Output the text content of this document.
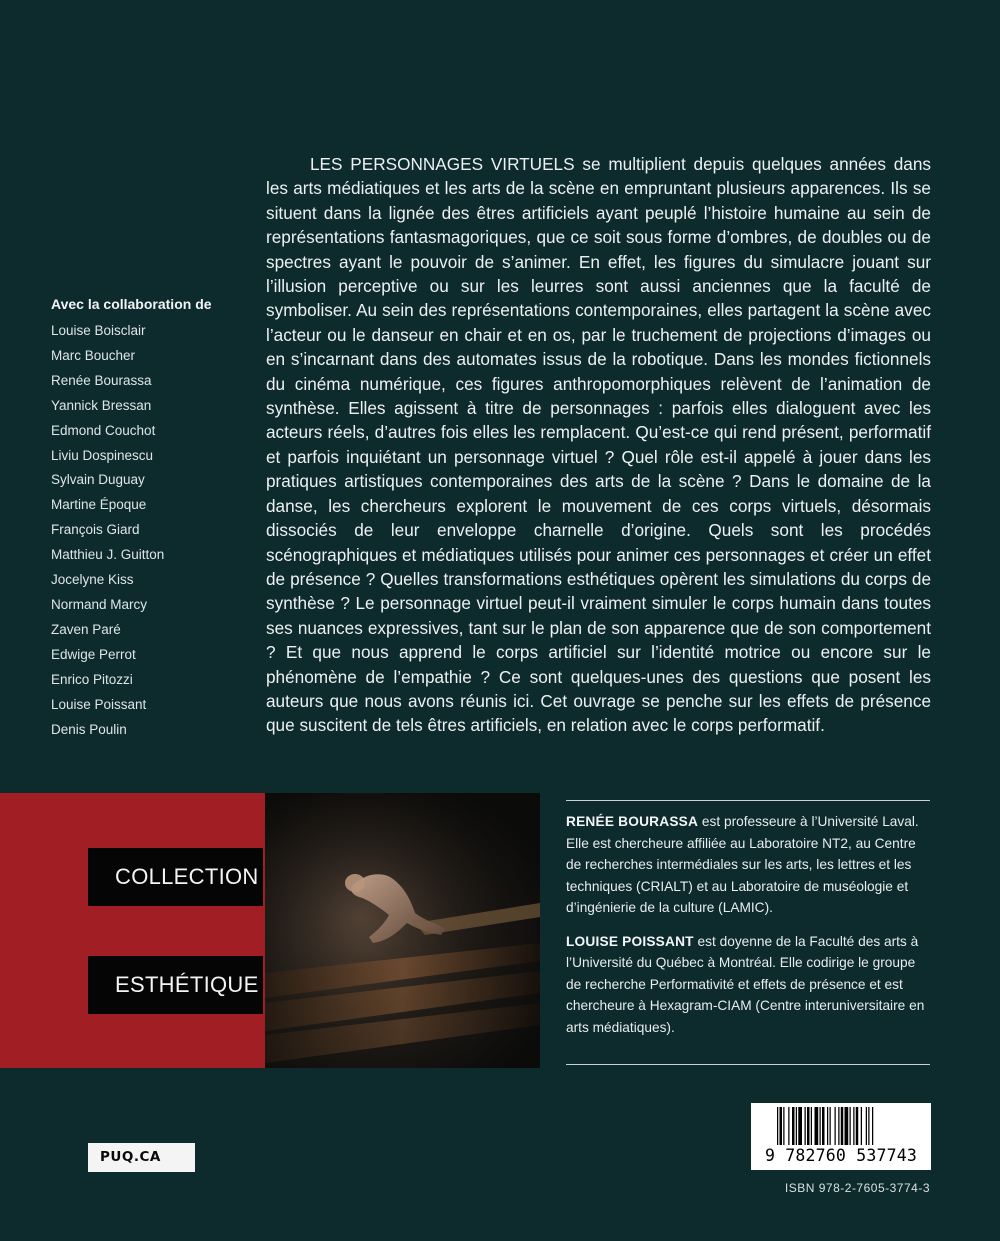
Avec la collaboration de
Louise Boisclair
Marc Boucher
Renée Bourassa
Yannick Bressan
Edmond Couchot
Liviu Dospinescu
Sylvain Duguay
Martine Époque
François Giard
Matthieu J. Guitton
Jocelyne Kiss
Normand Marcy
Zaven Paré
Edwige Perrot
Enrico Pitozzi
Louise Poissant
Denis Poulin

LES PERSONNAGES VIRTUELS se multiplient depuis quelques années dans les arts médiatiques et les arts de la scène en empruntant plusieurs apparences. Ils se situent dans la lignée des êtres artificiels ayant peuplé l’histoire humaine au sein de représentations fantasmagoriques, que ce soit sous forme d’ombres, de doubles ou de spectres ayant le pouvoir de s’animer. En effet, les figures du simulacre jouant sur l’illusion perceptive ou sur les leurres sont aussi anciennes que la faculté de symboliser. Au sein des représentations contemporaines, elles partagent la scène avec l’acteur ou le danseur en chair et en os, par le truchement de projections d’images ou en s’incarnant dans des automates issus de la robotique. Dans les mondes fictionnels du cinéma numérique, ces figures anthropomorphiques relèvent de l’animation de synthèse. Elles agissent à titre de personnages : parfois elles dialoguent avec les acteurs réels, d’autres fois elles les remplacent. Qu’est-ce qui rend présent, performatif et parfois inquiétant un personnage virtuel ? Quel rôle est-il appelé à jouer dans les pratiques artistiques contemporaines des arts de la scène ? Dans le domaine de la danse, les chercheurs explorent le mouvement de ces corps virtuels, désormais dissociés de leur enveloppe charnelle d’origine. Quels sont les procédés scénographiques et médiatiques utilisés pour animer ces personnages et créer un effet de présence ? Quelles transformations esthétiques opèrent les simulations du corps de synthèse ? Le personnage virtuel peut-il vraiment simuler le corps humain dans toutes ses nuances expressives, tant sur le plan de son apparence que de son comportement ? Et que nous apprend le corps artificiel sur l’identité motrice ou encore sur le phénomène de l’empathie ? Ce sont quelques-unes des questions que posent les auteurs que nous avons réunis ici. Cet ouvrage se penche sur les effets de présence que suscitent de tels êtres artificiels, en relation avec le corps performatif.

COLLECTION
ESTHÉTIQUE

RENÉE BOURASSA est professeure à l’Université Laval. Elle est chercheure affiliée au Laboratoire NT2, au Centre de recherches intermédiales sur les arts, les lettres et les techniques (CRIALT) et au Laboratoire de muséologie et d’ingénierie de la culture (LAMIC).

LOUISE POISSANT est doyenne de la Faculté des arts à l’Université du Québec à Montréal. Elle codirige le groupe de recherche Performativité et effets de présence et est chercheure à Hexagram-CIAM (Centre interuniversitaire en arts médiatiques).

PUQ.CA	9 782760 537743
ISBN 978-2-7605-3774-3
